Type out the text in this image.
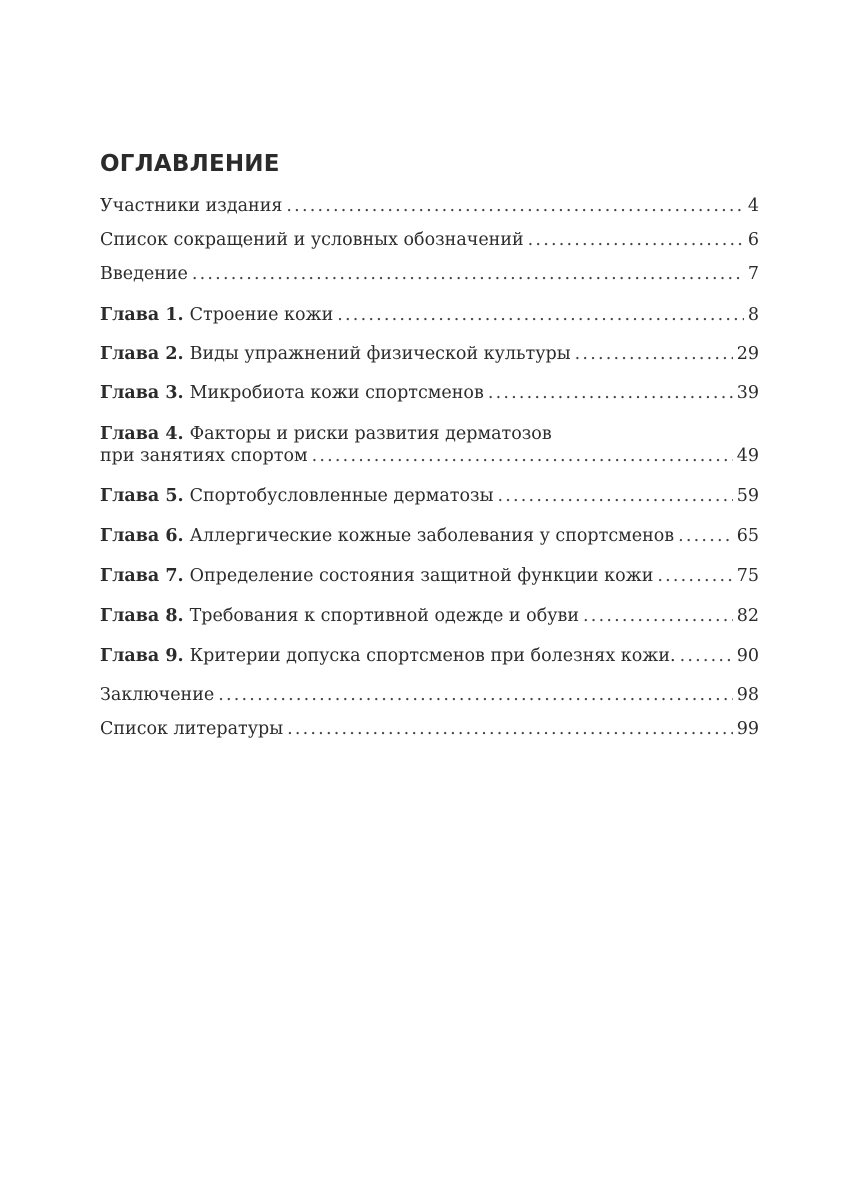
ОГЛАВЛЕНИЕ
Участники издания .....	4
Список сокращений и условных обозначений .....	6
Введение .....	7
Глава 1. Строение кожи .....	8
Глава 2. Виды упражнений физической культуры .....	29
Глава 3. Микробиота кожи спортсменов .....	39
Глава 4. Факторы и риски развития дерматозов
при занятиях спортом .....	49
Глава 5. Спортобусловленные дерматозы .....	59
Глава 6. Аллергические кожные заболевания у спортсменов .....	65
Глава 7. Определение состояния защитной функции кожи .....	75
Глава 8. Требования к спортивной одежде и обуви .....	82
Глава 9. Критерии допуска спортсменов при болезнях кожи. .....	90
Заключение .....	98
Список литературы .....	99
